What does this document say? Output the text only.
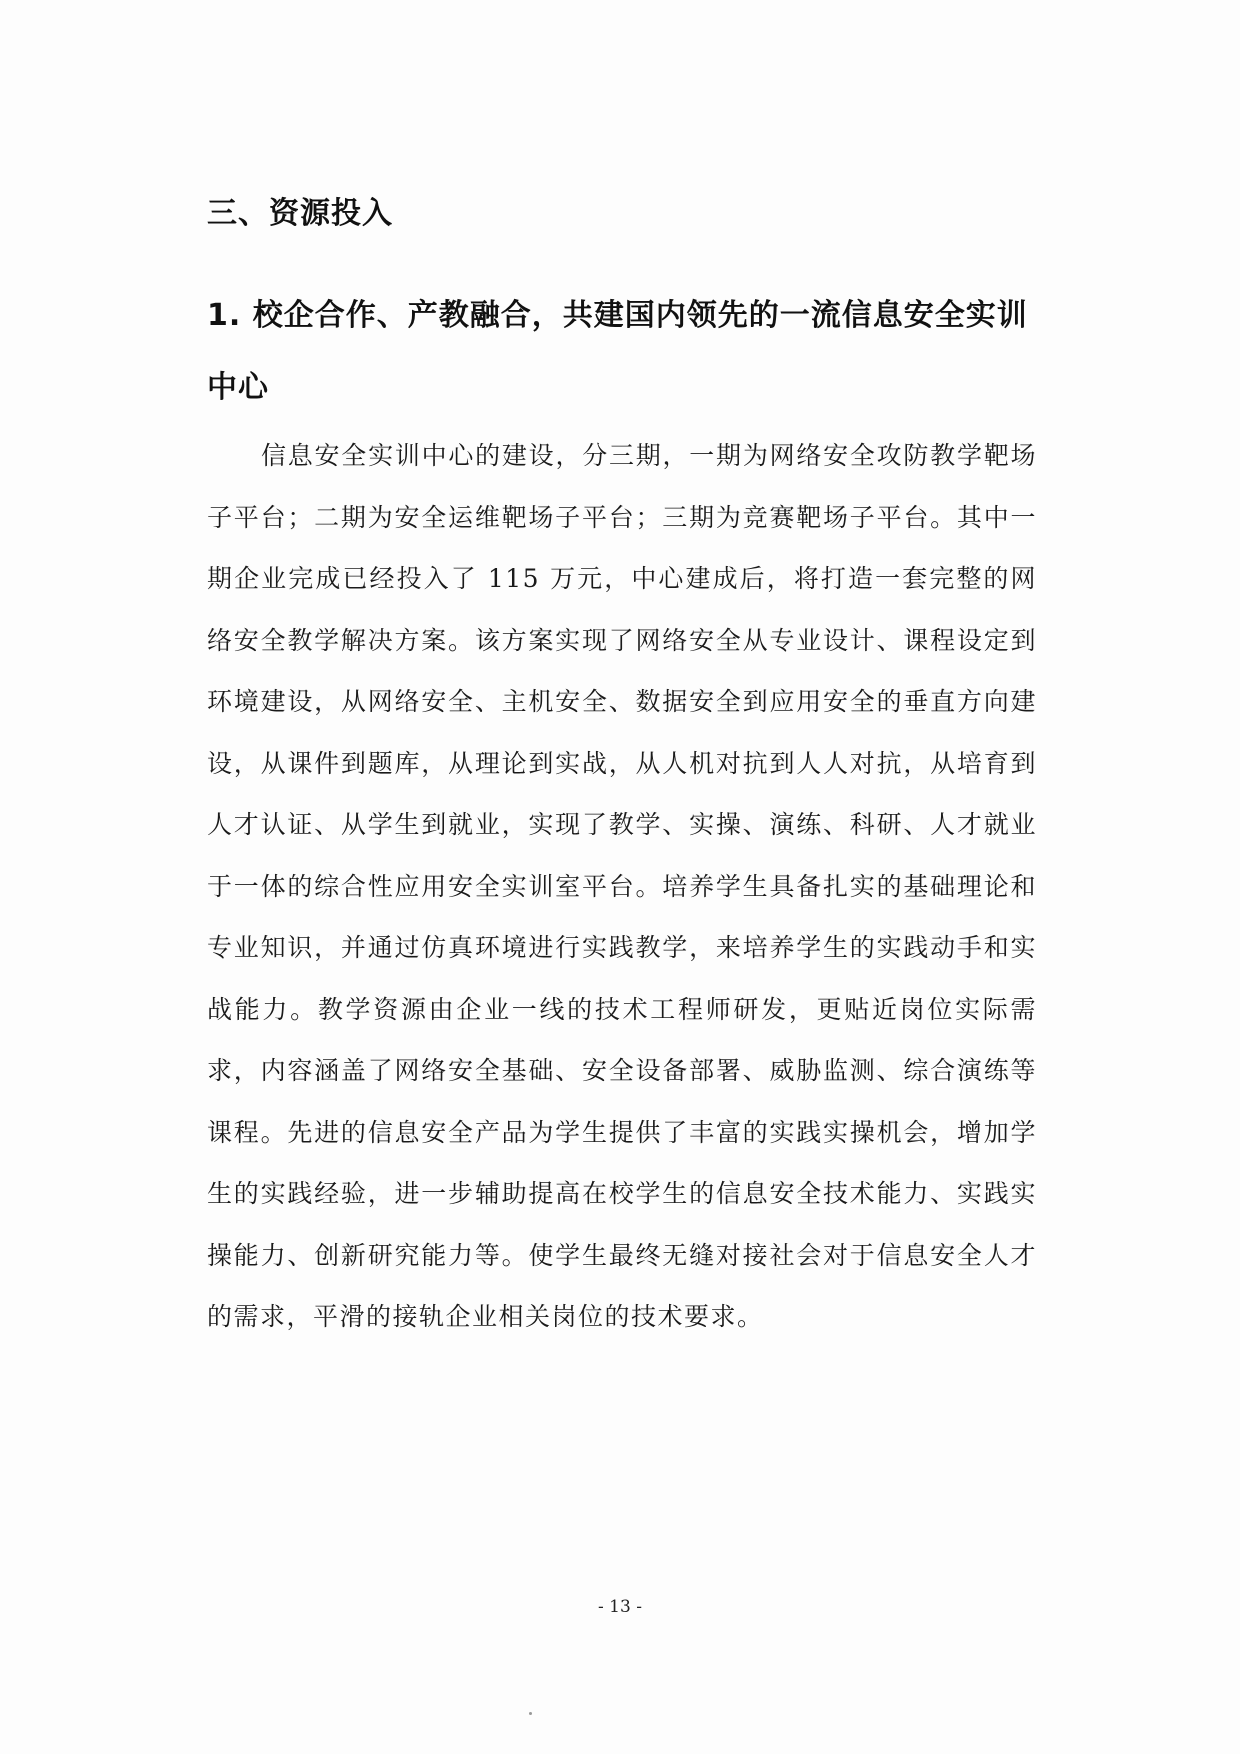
三、资源投入
1. 校企合作、产教融合，共建国内领先的一流信息安全实训中心

信息安全实训中心的建设，分三期，一期为网络安全攻防教学靶场子平台；二期为安全运维靶场子平台；三期为竞赛靶场子平台。其中一期企业完成已经投入了 115 万元，中心建成后，将打造一套完整的网络安全教学解决方案。该方案实现了网络安全从专业设计、课程设定到环境建设，从网络安全、主机安全、数据安全到应用安全的垂直方向建设，从课件到题库，从理论到实战，从人机对抗到人人对抗，从培育到人才认证、从学生到就业，实现了教学、实操、演练、科研、人才就业于一体的综合性应用安全实训室平台。培养学生具备扎实的基础理论和专业知识，并通过仿真环境进行实践教学，来培养学生的实践动手和实战能力。教学资源由企业一线的技术工程师研发，更贴近岗位实际需求，内容涵盖了网络安全基础、安全设备部署、威胁监测、综合演练等课程。先进的信息安全产品为学生提供了丰富的实践实操机会，增加学生的实践经验，进一步辅助提高在校学生的信息安全技术能力、实践实操能力、创新研究能力等。使学生最终无缝对接社会对于信息安全人才的需求，平滑的接轨企业相关岗位的技术要求。

- 13 -
